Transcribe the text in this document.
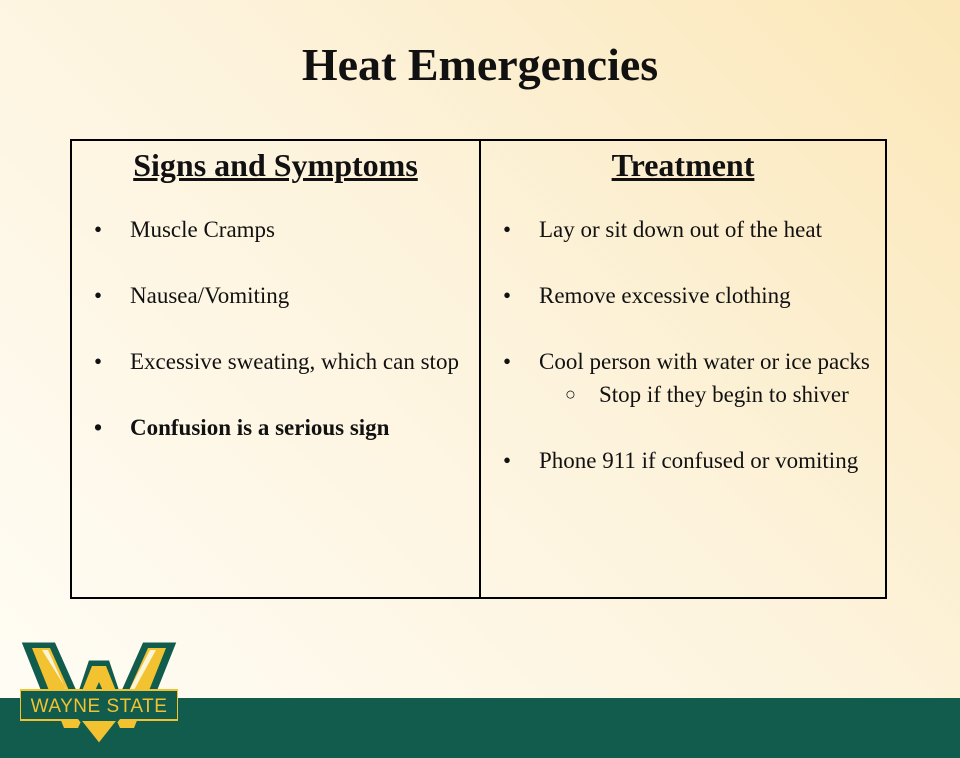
Heat Emergencies
Signs and Symptoms
• Muscle Cramps
• Nausea/Vomiting
• Excessive sweating, which can stop
• Confusion is a serious sign
Treatment
• Lay or sit down out of the heat
• Remove excessive clothing
• Cool person with water or ice packs
○ Stop if they begin to shiver
• Phone 911 if confused or vomiting
WAYNE STATE
